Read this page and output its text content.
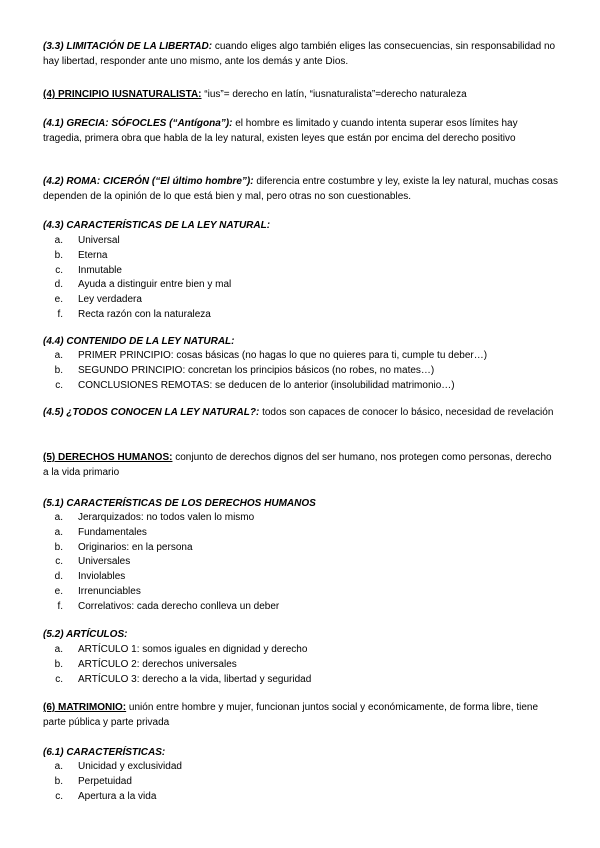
(3.3) LIMITACIÓN DE LA LIBERTAD: cuando eliges algo también eliges las consecuencias, sin responsabilidad no hay libertad, responder ante uno mismo, ante los demás y ante Dios.

(4) PRINCIPIO IUSNATURALISTA: “ius”= derecho en latín, “iusnaturalista”=derecho naturaleza

(4.1) GRECIA: SÓFOCLES (“Antígona”): el hombre es limitado y cuando intenta superar esos límites hay tragedia, primera obra que habla de la ley natural, existen leyes que están por encima del derecho positivo

(4.2) ROMA: CICERÓN (“El último hombre”): diferencia entre costumbre y ley, existe la ley natural, muchas cosas dependen de la opinión de lo que está bien y mal, pero otras no son cuestionables.

(4.3) CARACTERÍSTICAS DE LA LEY NATURAL:

a. Universal
b. Eterna
c. Inmutable
d. Ayuda a distinguir entre bien y mal
e. Ley verdadera
f. Recta razón con la naturaleza

(4.4) CONTENIDO DE LA LEY NATURAL:

a. PRIMER PRINCIPIO: cosas básicas (no hagas lo que no quieres para ti, cumple tu deber…)
b. SEGUNDO PRINCIPIO: concretan los principios básicos (no robes, no mates…)
c. CONCLUSIONES REMOTAS: se deducen de lo anterior (insolubilidad matrimonio…)

(4.5) ¿TODOS CONOCEN LA LEY NATURAL?: todos son capaces de conocer lo básico, necesidad de revelación

(5) DERECHOS HUMANOS: conjunto de derechos dignos del ser humano, nos protegen como personas, derecho a la vida primario

(5.1) CARACTERÍSTICAS DE LOS DERECHOS HUMANOS

a. Jerarquizados: no todos valen lo mismo
a. Fundamentales
b. Originarios: en la persona
c. Universales
d. Inviolables
e. Irrenunciables
f. Correlativos: cada derecho conlleva un deber

(5.2) ARTÍCULOS:

a. ARTÍCULO 1: somos iguales en dignidad y derecho
b. ARTÍCULO 2: derechos universales
c. ARTÍCULO 3: derecho a la vida, libertad y seguridad

(6) MATRIMONIO: unión entre hombre y mujer, funcionan juntos social y económicamente, de forma libre, tiene parte pública y parte privada

(6.1) CARACTERÍSTICAS:

a. Unicidad y exclusividad
b. Perpetuidad
c. Apertura a la vida
